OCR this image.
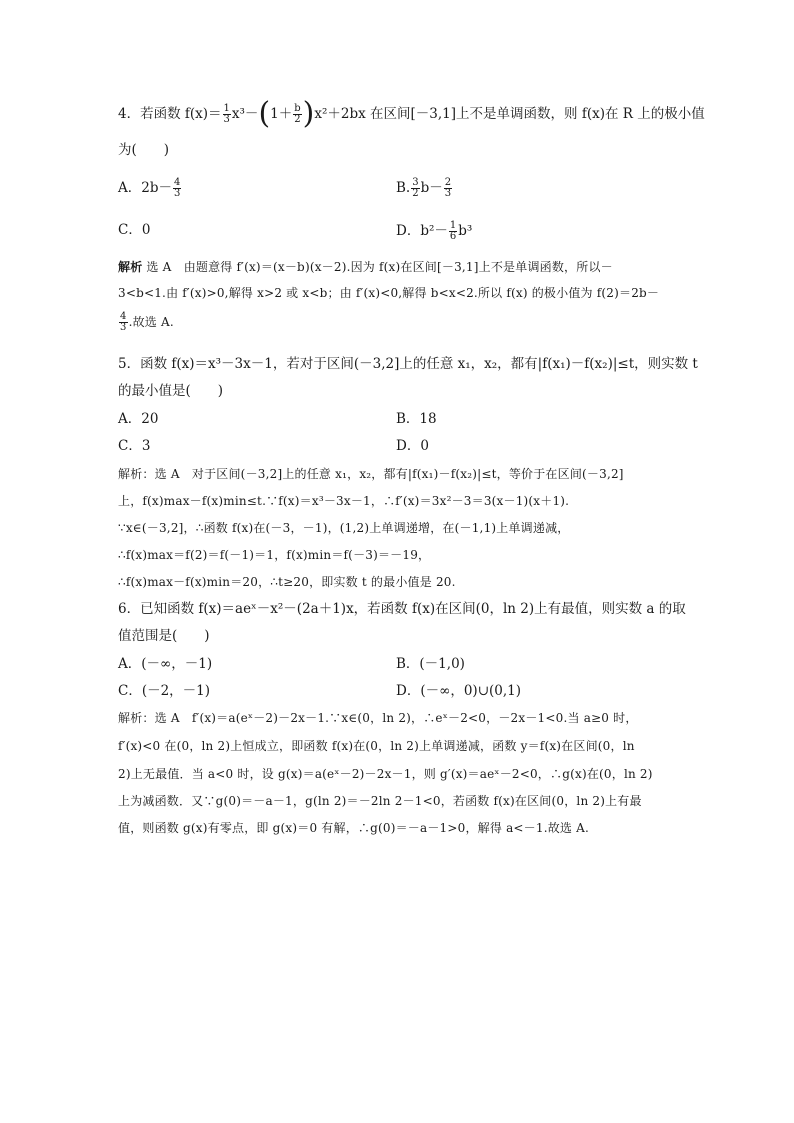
4．若函数 $f(x)= \frac{1}{3} x^3-(1+ \frac{b}{2} )x^2+2bx$ 在区间[－3,1]上不是单调函数，则 f(x)在 R 上的极小值
为(　　)
A．$2b- \frac{4}{3}$	B. $\frac{3}{2} b- \frac{2}{3}$
C．0	D．$b^2- \frac{1}{6} b^3$
解析 选 A　由题意得 f′(x)＝(x－b)(x－2).因为 f(x)在区间[－3,1]上不是单调函数，所以－
3<b<1.由 f′(x)>0,解得 x>2 或 x<b；由 f′(x)<0,解得 b<x<2.所以 f(x) 的极小值为 f(2)＝2b－
$\frac{4}{3}$ .故选 A.
5．函数 f(x)＝x³－3x－1，若对于区间(－3,2]上的任意 x₁，x₂，都有|f(x₁)－f(x₂)|≤t，则实数 t
的最小值是(　　)
A．20	B．18
C．3	D．0
解析：选 A　对于区间(－3,2]上的任意 x₁，x₂，都有|f(x₁)－f(x₂)|≤t，等价于在区间(－3,2]
上，f(x)max－f(x)min≤t.∵f(x)＝x³－3x－1，∴f′(x)＝3x²－3＝3(x－1)(x＋1).
∵x∈(－3,2]，∴函数 f(x)在(－3，－1)，(1,2)上单调递增，在(－1,1)上单调递减，
∴f(x)max＝f(2)＝f(－1)＝1，f(x)min＝f(－3)＝－19，
∴f(x)max－f(x)min＝20，∴t≥20，即实数 t 的最小值是 20.
6．已知函数 f(x)＝aeˣ－x²－(2a＋1)x，若函数 f(x)在区间(0，ln 2)上有最值，则实数 a 的取
值范围是(　　)
A．(－∞，－1)	B．(－1,0)
C．(－2，－1)	D．(－∞，0)∪(0,1)
解析：选 A　f′(x)＝a(eˣ－2)－2x－1.∵x∈(0，ln 2)，∴eˣ－2<0，－2x－1<0.当 a≥0 时，
f′(x)<0 在(0，ln 2)上恒成立，即函数 f(x)在(0，ln 2)上单调递减，函数 y＝f(x)在区间(0，ln
2)上无最值．当 a<0 时，设 g(x)＝a(eˣ－2)－2x－1，则 g′(x)＝aeˣ－2<0，∴g(x)在(0，ln 2)
上为减函数．又∵g(0)＝－a－1，g(ln 2)＝－2ln 2－1<0，若函数 f(x)在区间(0，ln 2)上有最
值，则函数 g(x)有零点，即 g(x)＝0 有解，∴g(0)＝－a－1>0，解得 a<－1.故选 A.
